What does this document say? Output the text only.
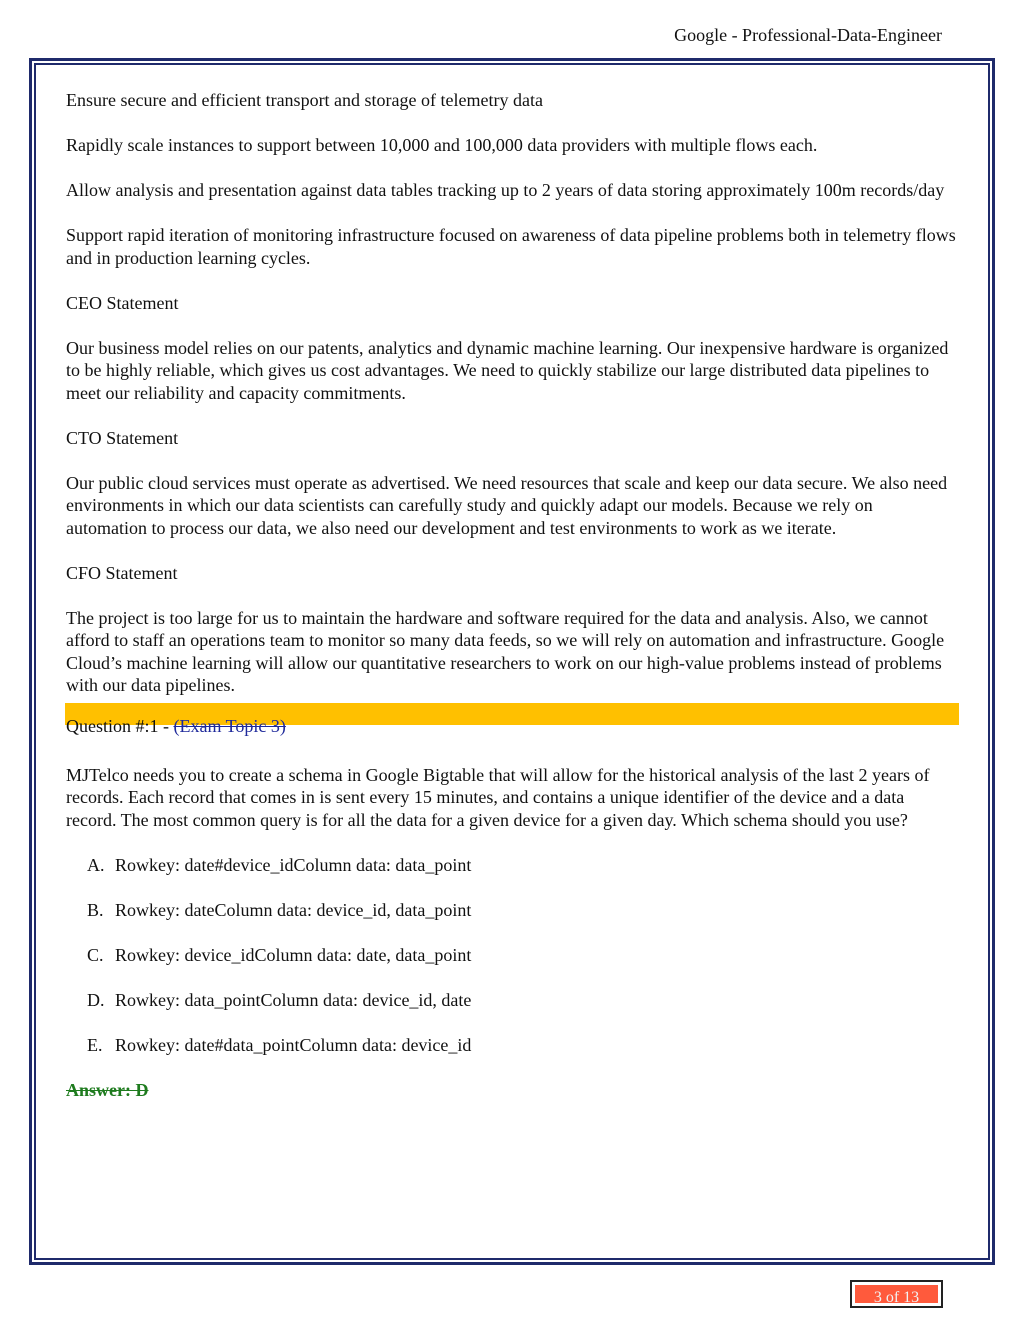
Google - Professional-Data-Engineer

Ensure secure and efficient transport and storage of telemetry data

Rapidly scale instances to support between 10,000 and 100,000 data providers with multiple flows each.

Allow analysis and presentation against data tables tracking up to 2 years of data storing approximately 100m records/day

Support rapid iteration of monitoring infrastructure focused on awareness of data pipeline problems both in telemetry flows and in production learning cycles.

CEO Statement

Our business model relies on our patents, analytics and dynamic machine learning. Our inexpensive hardware is organized to be highly reliable, which gives us cost advantages. We need to quickly stabilize our large distributed data pipelines to meet our reliability and capacity commitments.

CTO Statement

Our public cloud services must operate as advertised. We need resources that scale and keep our data secure. We also need environments in which our data scientists can carefully study and quickly adapt our models. Because we rely on automation to process our data, we also need our development and test environments to work as we iterate.

CFO Statement

The project is too large for us to maintain the hardware and software required for the data and analysis. Also, we cannot afford to staff an operations team to monitor so many data feeds, so we will rely on automation and infrastructure. Google Cloud’s machine learning will allow our quantitative researchers to work on our high-value problems instead of problems with our data pipelines.

Question #:1 - (Exam Topic 3)

MJTelco needs you to create a schema in Google Bigtable that will allow for the historical analysis of the last 2 years of records. Each record that comes in is sent every 15 minutes, and contains a unique identifier of the device and a data record. The most common query is for all the data for a given device for a given day. Which schema should you use?

A. Rowkey: date#device_idColumn data: data_point
B. Rowkey: dateColumn data: device_id, data_point
C. Rowkey: device_idColumn data: date, data_point
D. Rowkey: data_pointColumn data: device_id, date
E. Rowkey: date#data_pointColumn data: device_id
Answer: D
3 of 13
